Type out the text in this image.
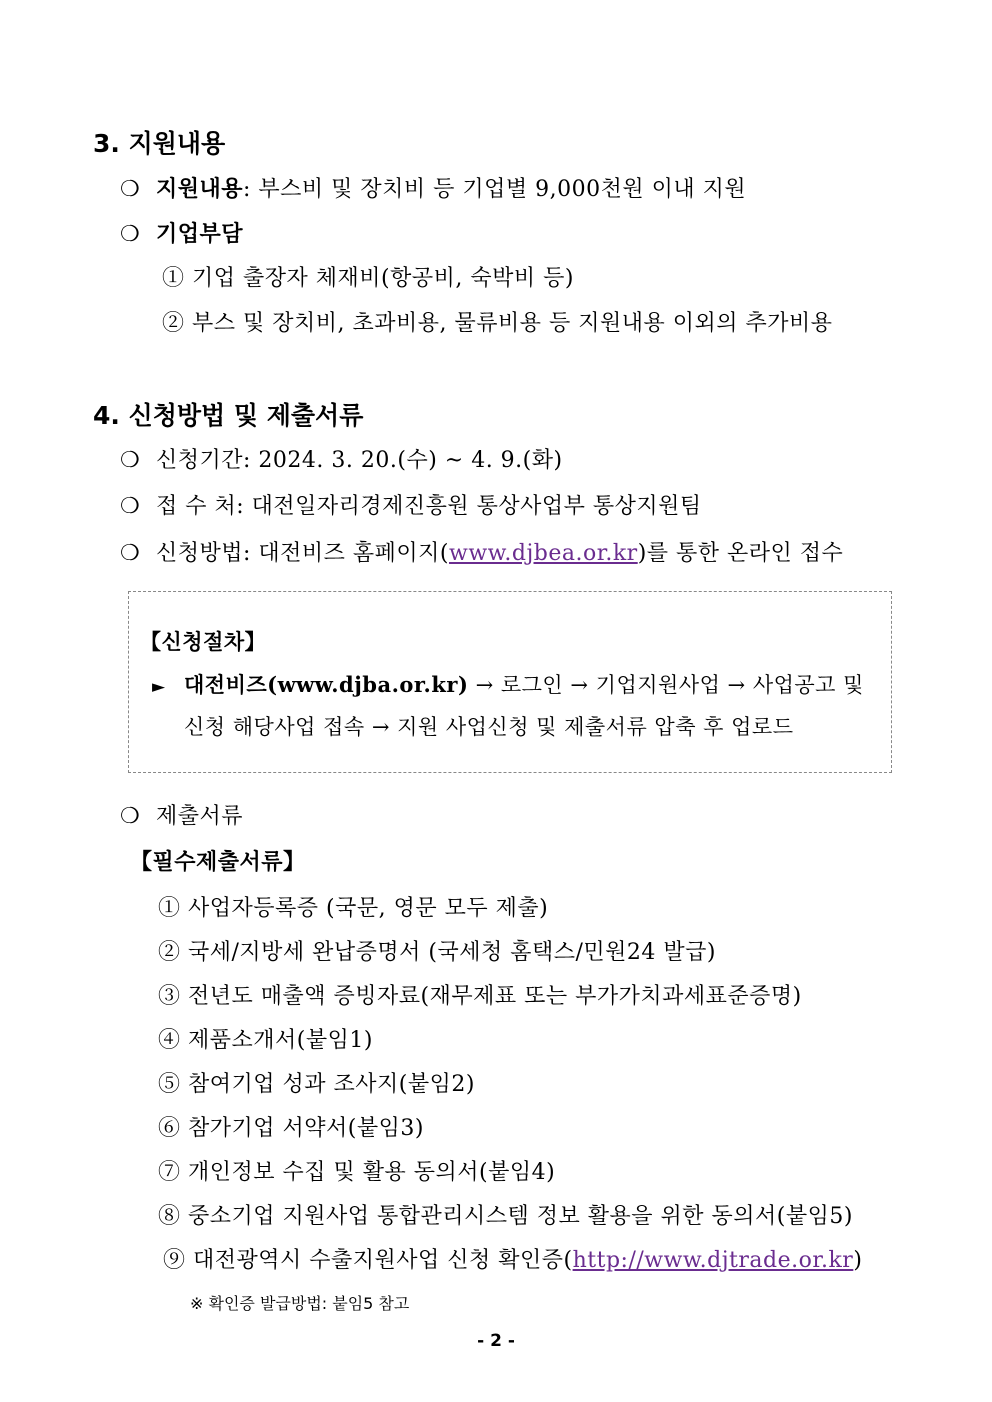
3. 지원내용
❍ 지원내용: 부스비 및 장치비 등 기업별 9,000천원 이내 지원
❍ 기업부담
① 기업 출장자 체재비(항공비, 숙박비 등)
② 부스 및 장치비, 초과비용, 물류비용 등 지원내용 이외의 추가비용
4. 신청방법 및 제출서류
❍ 신청기간: 2024. 3. 20.(수) ~ 4. 9.(화)
❍ 접 수 처: 대전일자리경제진흥원 통상사업부 통상지원팀
❍ 신청방법: 대전비즈 홈페이지(www.djbea.or.kr)를 통한 온라인 접수
【신청절차】
► 대전비즈(www.djba.or.kr) → 로그인 → 기업지원사업 → 사업공고 및
신청 해당사업 접속 → 지원 사업신청 및 제출서류 압축 후 업로드
❍ 제출서류
【필수제출서류】
① 사업자등록증 (국문, 영문 모두 제출)
② 국세/지방세 완납증명서 (국세청 홈택스/민원24 발급)
③ 전년도 매출액 증빙자료(재무제표 또는 부가가치과세표준증명)
④ 제품소개서(붙임1)
⑤ 참여기업 성과 조사지(붙임2)
⑥ 참가기업 서약서(붙임3)
⑦ 개인정보 수집 및 활용 동의서(붙임4)
⑧ 중소기업 지원사업 통합관리시스템 정보 활용을 위한 동의서(붙임5)
⑨ 대전광역시 수출지원사업 신청 확인증(http://www.djtrade.or.kr)
※ 확인증 발급방법: 붙임5 참고
- 2 -
